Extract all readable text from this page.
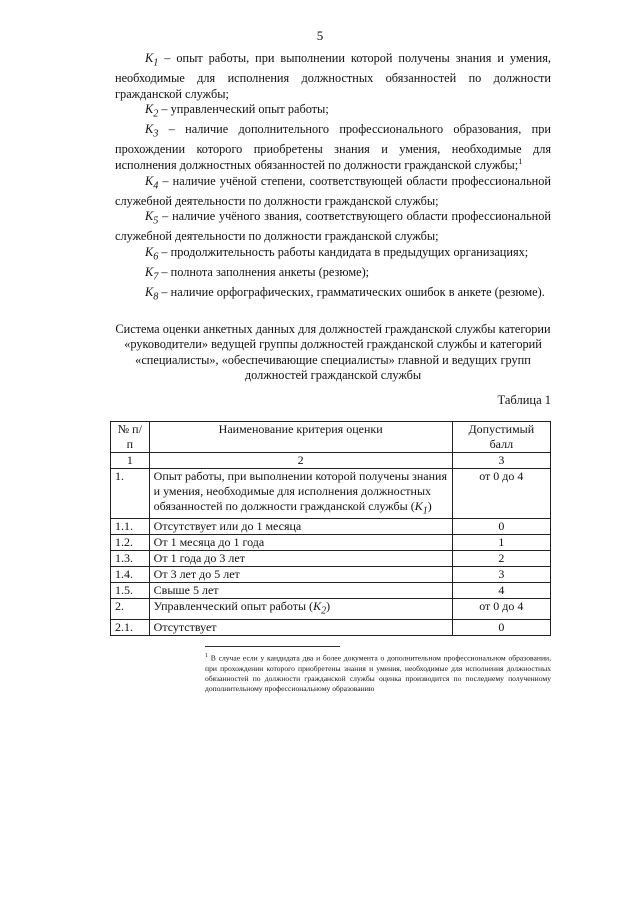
5

$K_1$ – опыт работы, при выполнении которой получены знания и умения, необходимые для исполнения должностных обязанностей по должности гражданской службы;

$K_2$ – управленческий опыт работы;

$K_3$ – наличие дополнительного профессионального образования, при прохождении которого приобретены знания и умения, необходимые для исполнения должностных обязанностей по должности гражданской службы;$^1$

$K_4$ – наличие учёной степени, соответствующей области профессиональной служебной деятельности по должности гражданской службы;

$K_5$ – наличие учёного звания, соответствующего области профессиональной служебной деятельности по должности гражданской службы;

$K_6$ – продолжительность работы кандидата в предыдущих организациях;

$K_7$ – полнота заполнения анкеты (резюме);

$K_8$ – наличие орфографических, грамматических ошибок в анкете (резюме).

Система оценки анкетных данных для должностей гражданской службы категории «руководители» ведущей группы должностей гражданской службы и категорий «специалисты», «обеспечивающие специалисты» главной и ведущих групп должностей гражданской службы

Таблица 1
№ п/п	Наименование критерия оценки	Допустимый балл
1	2	3
1.	Опыт работы, при выполнении которой получены знания и умения, необходимые для исполнения должностных обязанностей по должности гражданской службы $(K_1)$	от 0 до 4
1.1.	Отсутствует или до 1 месяца	0
1.2.	От 1 месяца до 1 года	1
1.3.	От 1 года до 3 лет	2
1.4.	От 3 лет до 5 лет	3
1.5.	Свыше 5 лет	4
2.	Управленческий опыт работы $(K_2)$	от 0 до 4
2.1.	Отсутствует	0

$^1$ В случае если у кандидата два и более документа о дополнительном профессиональном образовании, при прохождении которого приобретены знания и умения, необходимые для исполнения должностных обязанностей по должности гражданской службы оценка производится по последнему полученному дополнительному профессиональному образованию
